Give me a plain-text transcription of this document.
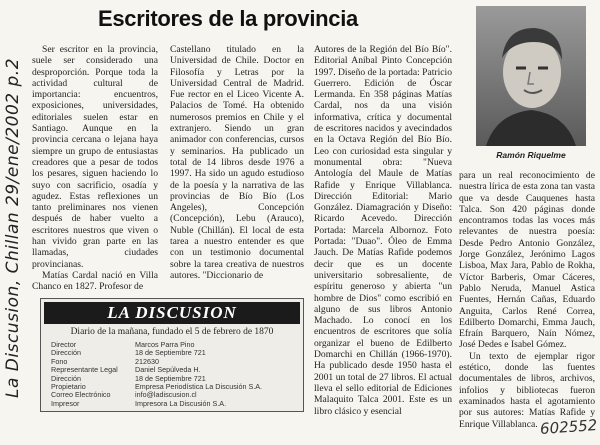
La Discusion, Chillan 29/ene/2002 p.2
Escritores de la provincia

Ser escritor en la provincia, suele ser considerado una desproporción. Porque toda la actividad cultural de importancia: encuentros, exposiciones, universidades, editoriales suelen estar en Santiago. Aunque en la provincia cercana o lejana haya siempre un grupo de entusiastas creadores que a pesar de todos los pesares, siguen haciendo lo suyo con sacrificio, osadía y agudez. Estas reflexiones un tanto preliminares nos vienen después de haber vuelto a escritores nuestros que viven o han vivido gran parte en las llamadas, ciudades provincianas.

Matías Cardal nació en Villa Chanco en 1827. Profesor de

Castellano titulado en la Universidad de Chile. Doctor en Filosofía y Letras por la Universidad Central de Madrid. Fue rector en el Liceo Vicente A. Palacios de Tomé. Ha obtenido numerosos premios en Chile y el extranjero. Siendo un gran animador con conferencias, cursos y seminarios. Ha publicado un total de 14 libros desde 1976 a 1997. Ha sido un agudo estudioso de la poesía y la narrativa de las provincias de Bío Bío (Los Angeles), Concepción (Concepción), Lebu (Arauco), Nuble (Chillán). El local de esta tarea a nuestro entender es que con un testimonio documental sobre la tarea creativa de nuestros autores. "Diccionario de

Autores de la Región del Bío Bío". Editorial Aníbal Pinto Concepción 1997. Diseño de la portada: Patricio Guerrero. Edición de Óscar Lermanda. En 358 páginas Matías Cardal, nos da una visión informativa, crítica y documental de escritores nacidos y avecindados en la Octava Región del Bío Bío. Leo con curiosidad esta singular y monumental obra: "Nueva Antología del Maule de Matías Rafide y Enrique Villablanca. Dirección Editorial: Mario González. Diamagración y Diseño: Ricardo Acevedo. Dirección Portada: Marcela Albornoz. Foto Portada: "Duao". Óleo de Emma Jauch. De Matías Rafide podemos decir que es un docente universitario sobresaliente, de espíritu generoso y abierta "un hombre de Dios" como escribió en alguno de sus libros Antonio Machado. Lo conocí en los encuentros de escritores que solía organizar el bueno de Edilberto Domarchi en Chillán (1966-1970). Ha publicado desde 1950 hasta el 2001 un total de 27 libros. El actual lleva el sello editorial de Ediciones Malaquito Talca 2001. Este es un libro clásico y esencial

Ramón Riquelme

para un real reconocimiento de nuestra lírica de esta zona tan vasta que va desde Cauquenes hasta Talca. Son 420 páginas donde encontramos todas las voces más relevantes de nuestra poesía: Desde Pedro Antonio González, Jorge González, Jerónimo Lagos Lisboa, Max Jara, Pablo de Rokha, Víctor Barberis, Omar Cáceres, Pablo Neruda, Manuel Astica Fuentes, Hernán Cañas, Eduardo Anguita, Carlos René Correa, Edilberto Domarchi, Emma Jauch, Efraín Barquero, Naín Nómez, José Dedes e Isabel Gómez.

Un texto de ejemplar rigor estético, donde las fuentes documentales de libros, archivos, infolios y bibliotecas fueron examinados hasta el agotamiento por sus autores: Matías Rafide y Enrique Villablanca.

LA DISCUSION
Diario de la mañana, fundado el 5 de febrero de 1870
Director	Marcos Parra Pino
Dirección	18 de Septiembre 721
Fono	212630
Representante Legal	Daniel Sepúlveda H.
Dirección	18 de Septiembre 721
Propietario	Empresa Periodística La Discusión S.A.
Correo Electrónico	info@ladiscusion.cl
Impresor	Impresora La Discusión S.A.
602552
